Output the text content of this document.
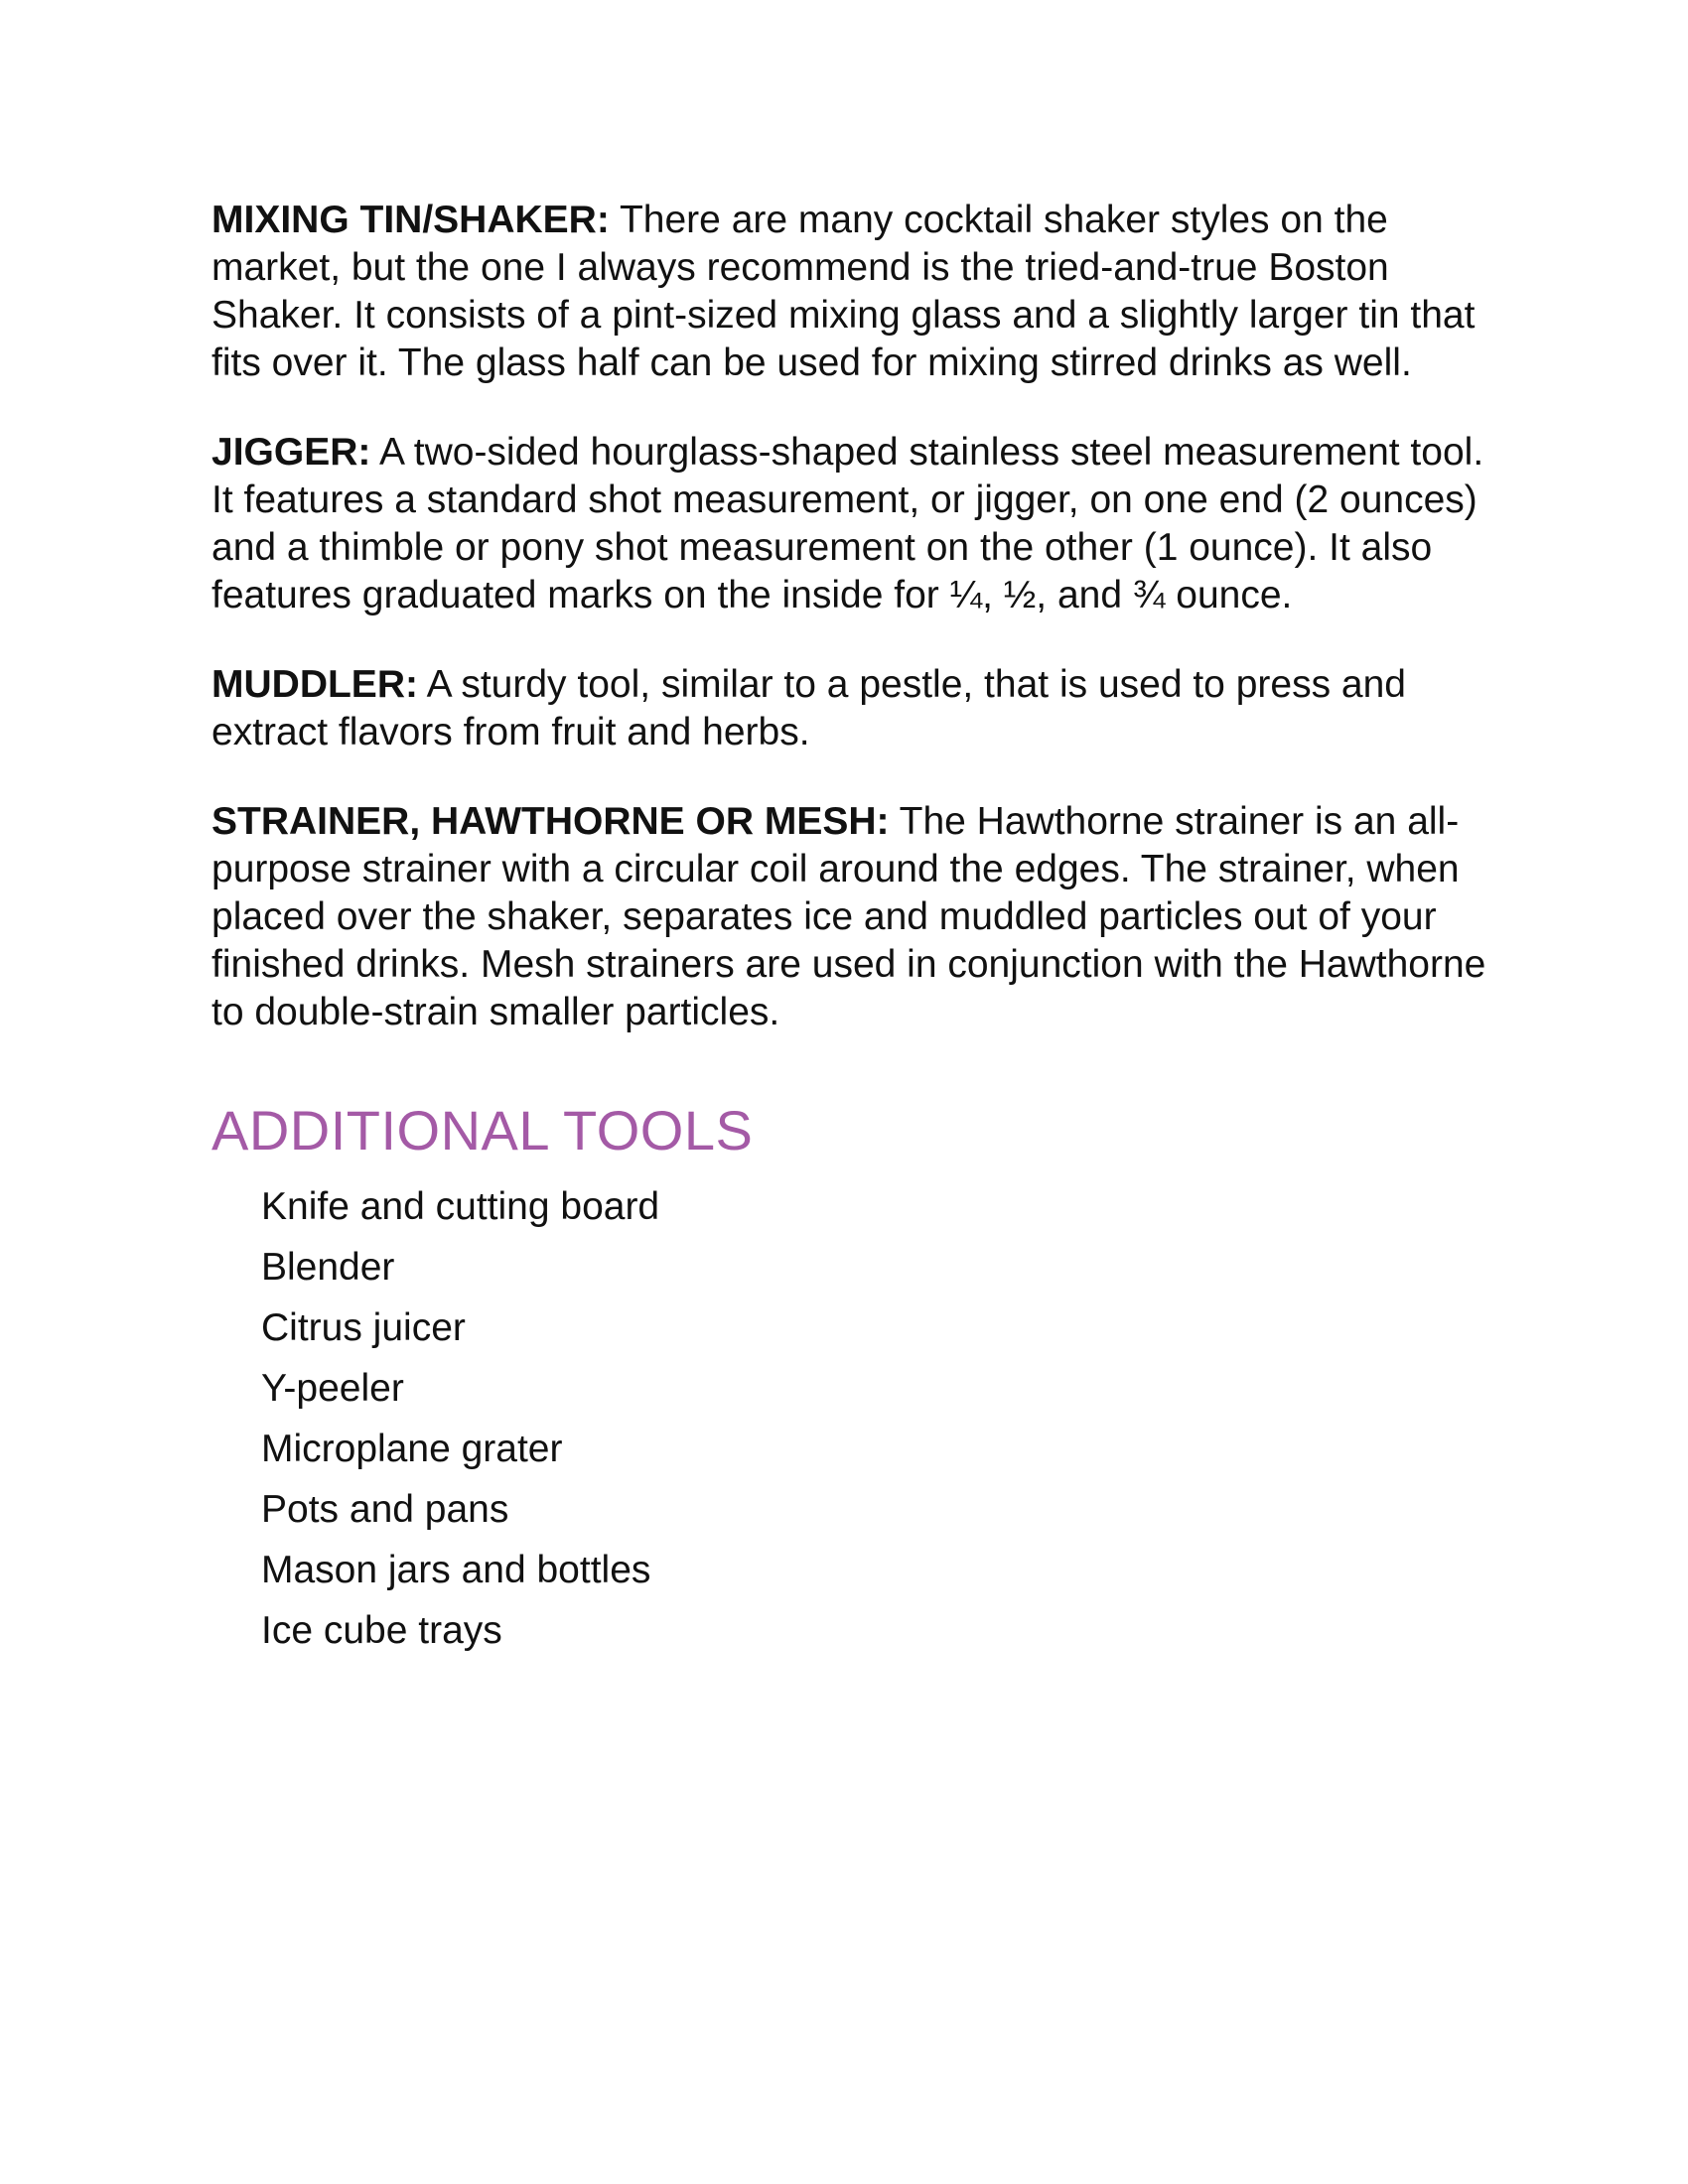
MIXING TIN/SHAKER: There are many cocktail shaker styles on the market, but the one I always recommend is the tried-and-true Boston Shaker. It consists of a pint-sized mixing glass and a slightly larger tin that fits over it. The glass half can be used for mixing stirred drinks as well.

JIGGER: A two-sided hourglass-shaped stainless steel measurement tool. It features a standard shot measurement, or jigger, on one end (2 ounces) and a thimble or pony shot measurement on the other (1 ounce). It also features graduated marks on the inside for ¼, ½, and ¾ ounce.

MUDDLER: A sturdy tool, similar to a pestle, that is used to press and extract flavors from fruit and herbs.

STRAINER, HAWTHORNE OR MESH: The Hawthorne strainer is an all-purpose strainer with a circular coil around the edges. The strainer, when placed over the shaker, separates ice and muddled particles out of your finished drinks. Mesh strainers are used in conjunction with the Hawthorne to double-strain smaller particles.

ADDITIONAL TOOLS
Knife and cutting board
Blender
Citrus juicer
Y-peeler
Microplane grater
Pots and pans
Mason jars and bottles
Ice cube trays
